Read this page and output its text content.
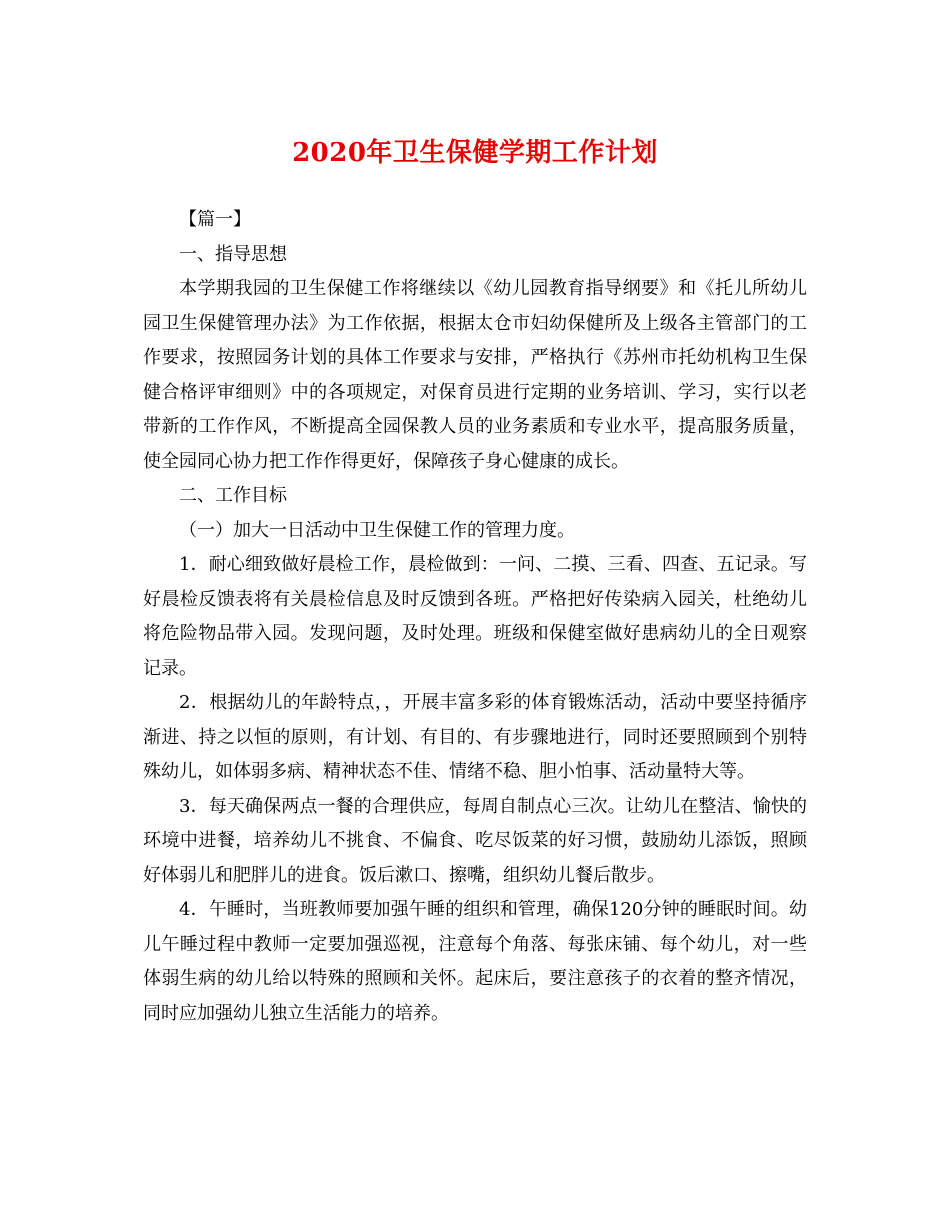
2020年卫生保健学期工作计划

【篇一】

一、指导思想

本学期我园的卫生保健工作将继续以《幼儿园教育指导纲要》和《托儿所幼儿园卫生保健管理办法》为工作依据，根据太仓市妇幼保健所及上级各主管部门的工作要求，按照园务计划的具体工作要求与安排，严格执行《苏州市托幼机构卫生保健合格评审细则》中的各项规定，对保育员进行定期的业务培训、学习，实行以老带新的工作作风，不断提高全园保教人员的业务素质和专业水平，提高服务质量，使全园同心协力把工作作得更好，保障孩子身心健康的成长。

二、工作目标

（一）加大一日活动中卫生保健工作的管理力度。

1．耐心细致做好晨检工作，晨检做到：一问、二摸、三看、四查、五记录。写好晨检反馈表将有关晨检信息及时反馈到各班。严格把好传染病入园关，杜绝幼儿将危险物品带入园。发现问题，及时处理。班级和保健室做好患病幼儿的全日观察记录。

2．根据幼儿的年龄特点，，开展丰富多彩的体育锻炼活动，活动中要坚持循序渐进、持之以恒的原则，有计划、有目的、有步骤地进行，同时还要照顾到个别特殊幼儿，如体弱多病、精神状态不佳、情绪不稳、胆小怕事、活动量特大等。

3．每天确保两点一餐的合理供应，每周自制点心三次。让幼儿在整洁、愉快的环境中进餐，培养幼儿不挑食、不偏食、吃尽饭菜的好习惯，鼓励幼儿添饭，照顾好体弱儿和肥胖儿的进食。饭后漱口、擦嘴，组织幼儿餐后散步。

4．午睡时，当班教师要加强午睡的组织和管理，确保120分钟的睡眠时间。幼儿午睡过程中教师一定要加强巡视，注意每个角落、每张床铺、每个幼儿，对一些体弱生病的幼儿给以特殊的照顾和关怀。起床后，要注意孩子的衣着的整齐情况，同时应加强幼儿独立生活能力的培养。
